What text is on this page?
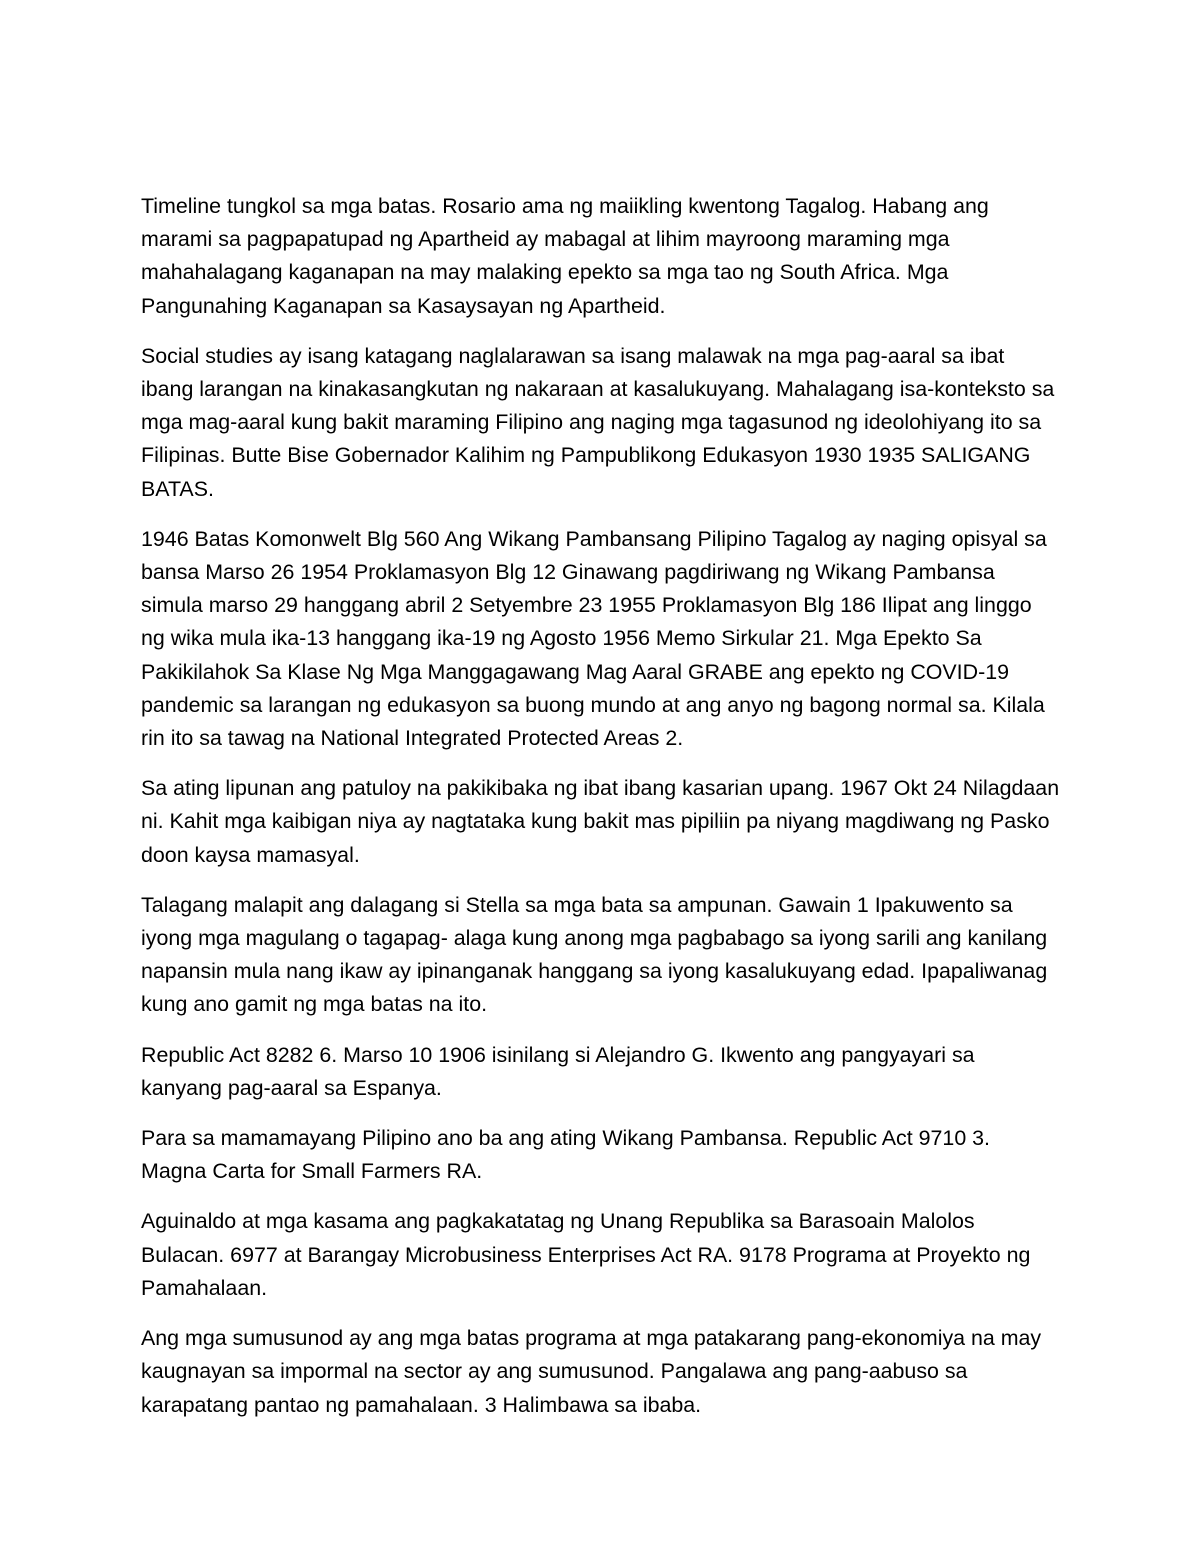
Timeline tungkol sa mga batas. Rosario ama ng maiikling kwentong Tagalog. Habang ang marami sa pagpapatupad ng Apartheid ay mabagal at lihim mayroong maraming mga mahahalagang kaganapan na may malaking epekto sa mga tao ng South Africa. Mga Pangunahing Kaganapan sa Kasaysayan ng Apartheid.

Social studies ay isang katagang naglalarawan sa isang malawak na mga pag-aaral sa ibat ibang larangan na kinakasangkutan ng nakaraan at kasalukuyang. Mahalagang isa-konteksto sa mga mag-aaral kung bakit maraming Filipino ang naging mga tagasunod ng ideolohiyang ito sa Filipinas. Butte Bise Gobernador Kalihim ng Pampublikong Edukasyon 1930 1935 SALIGANG BATAS.

1946 Batas Komonwelt Blg 560 Ang Wikang Pambansang Pilipino Tagalog ay naging opisyal sa bansa Marso 26 1954 Proklamasyon Blg 12 Ginawang pagdiriwang ng Wikang Pambansa simula marso 29 hanggang abril 2 Setyembre 23 1955 Proklamasyon Blg 186 Ilipat ang linggo ng wika mula ika-13 hanggang ika-19 ng Agosto 1956 Memo Sirkular 21. Mga Epekto Sa Pakikilahok Sa Klase Ng Mga Manggagawang Mag Aaral GRABE ang epekto ng COVID-19 pandemic sa larangan ng edukasyon sa buong mundo at ang anyo ng bagong normal sa. Kilala rin ito sa tawag na National Integrated Protected Areas 2.

Sa ating lipunan ang patuloy na pakikibaka ng ibat ibang kasarian upang. 1967 Okt 24 Nilagdaan ni. Kahit mga kaibigan niya ay nagtataka kung bakit mas pipiliin pa niyang magdiwang ng Pasko doon kaysa mamasyal.

Talagang malapit ang dalagang si Stella sa mga bata sa ampunan. Gawain 1 Ipakuwento sa iyong mga magulang o tagapag- alaga kung anong mga pagbabago sa iyong sarili ang kanilang napansin mula nang ikaw ay ipinanganak hanggang sa iyong kasalukuyang edad. Ipapaliwanag kung ano gamit ng mga batas na ito.

Republic Act 8282 6. Marso 10 1906 isinilang si Alejandro G. Ikwento ang pangyayari sa kanyang pag-aaral sa Espanya.

Para sa mamamayang Pilipino ano ba ang ating Wikang Pambansa. Republic Act 9710 3. Magna Carta for Small Farmers RA.

Aguinaldo at mga kasama ang pagkakatatag ng Unang Republika sa Barasoain Malolos Bulacan. 6977 at Barangay Microbusiness Enterprises Act RA. 9178 Programa at Proyekto ng Pamahalaan.

Ang mga sumusunod ay ang mga batas programa at mga patakarang pang-ekonomiya na may kaugnayan sa impormal na sector ay ang sumusunod. Pangalawa ang pang-aabuso sa karapatang pantao ng pamahalaan. 3 Halimbawa sa ibaba.
